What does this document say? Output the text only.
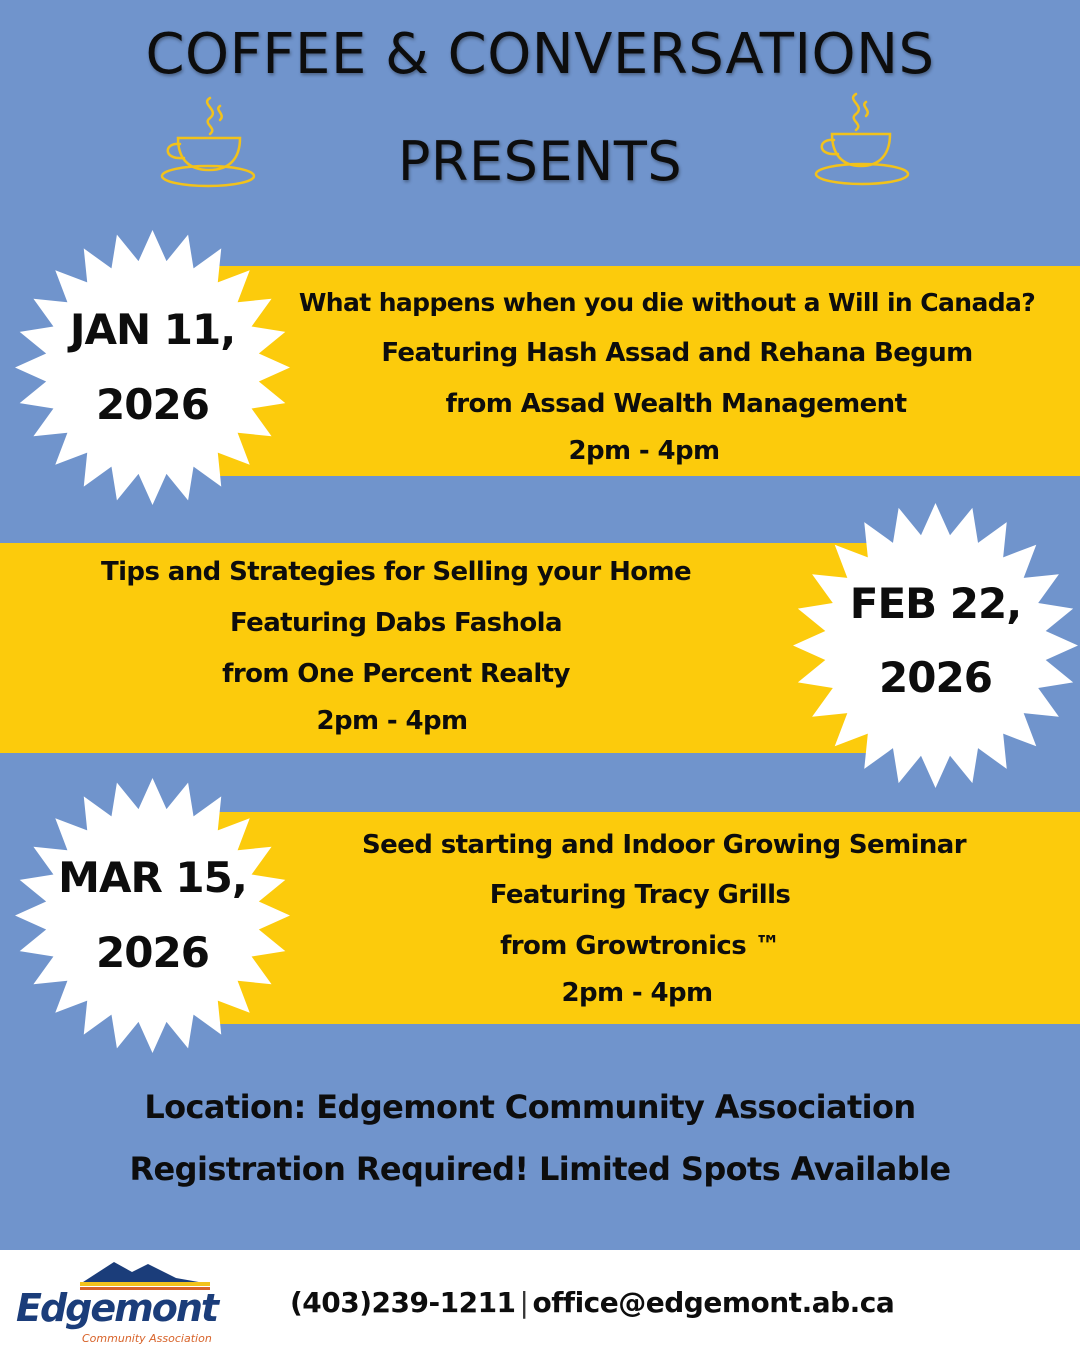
COFFEE & CONVERSATIONS
PRESENTS
What happens when you die without a Will in Canada?
Featuring Hash Assad and Rehana Begum
from Assad Wealth Management
2pm - 4pm
JAN 11,
2026
Tips and Strategies for Selling your Home
Featuring Dabs Fashola
from One Percent Realty
2pm - 4pm
FEB 22,
2026
Seed starting and Indoor Growing Seminar
Featuring Tracy Grills
from Growtronics ™
2pm - 4pm
MAR 15,
2026
Location: Edgemont Community Association
Registration Required! Limited Spots Available
Edgemont
Community Association
(403)239-1211 | office@edgemont.ab.ca
